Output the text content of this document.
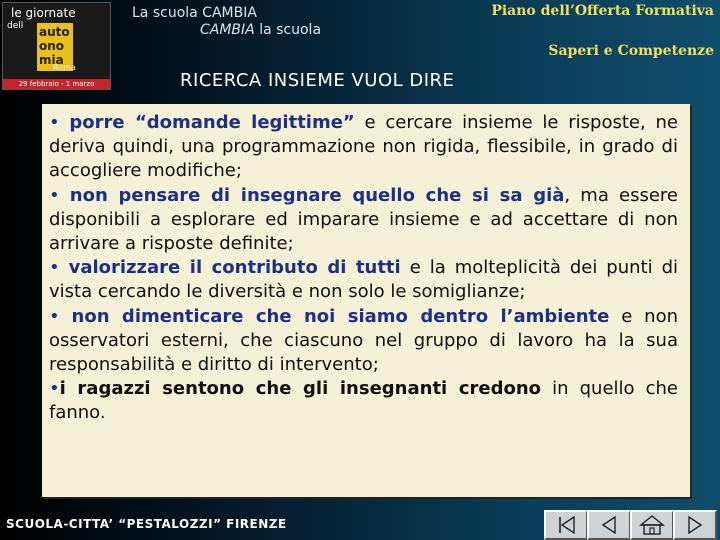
le giornate
dell auto
ono
mia
Roma
29 febbraio - 1 marzo
La scuola CAMBIA
CAMBIA la scuola
Piano dell’Offerta Formativa
Saperi e Competenze
RICERCA INSIEME VUOL DIRE

• porre “domande legittime” e cercare insieme le risposte, ne deriva quindi, una programmazione non rigida, flessibile, in grado di accogliere modifiche;

• non pensare di insegnare quello che si sa già, ma essere disponibili a esplorare ed imparare insieme e ad accettare di non arrivare a risposte definite;

• valorizzare il contributo di tutti e la molteplicità dei punti di vista cercando le diversità e non solo le somiglianze;

• non dimenticare che noi siamo dentro l’ambiente e non osservatori esterni, che ciascuno nel gruppo di lavoro ha la sua responsabilità e diritto di intervento;

•i ragazzi sentono che gli insegnanti credono in quello che fanno.

SCUOLA-CITTA’ “PESTALOZZI” FIRENZE
